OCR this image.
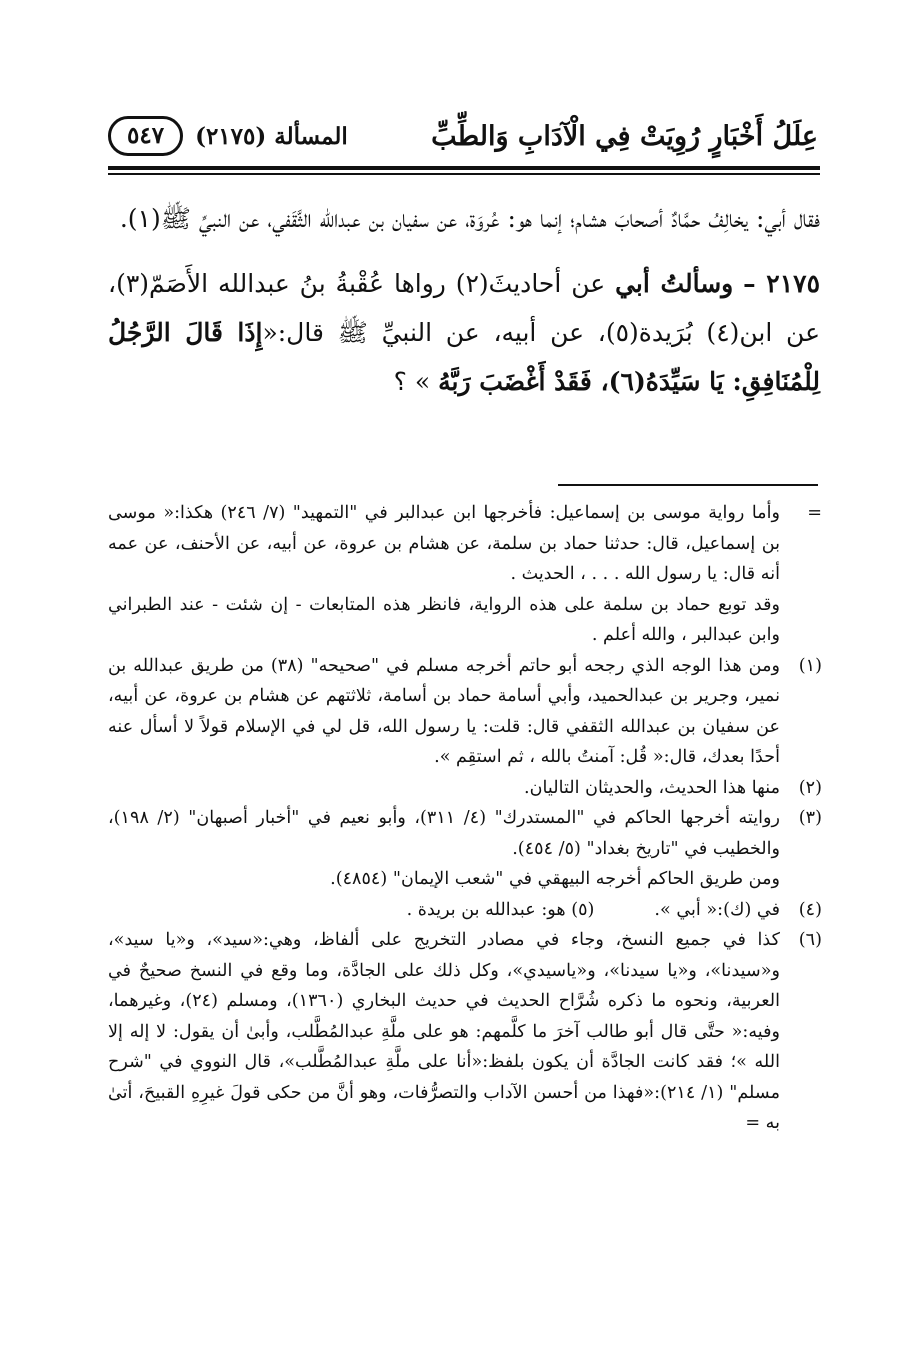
عِلَلُ أَخْبَارٍ رُوِيَتْ فِي الْآدَابِ وَالطِّبِّ
المسألة (٢١٧٥)
٥٤٧

فقال أبي: يخالِفُ حمَّادٌ أصحابَ هشام؛ إنما هو: عُروَة، عن سفيان بن عبدالله الثَّقَفي، عن النبيِّ ﷺ(١).

٢١٧٥ – وسألتُ أبي عن أحاديثَ(٢) رواها عُقْبةُ بنُ عبدالله الأَصَمّ(٣)، عن ابن(٤) بُرَيدة(٥)، عن أبيه، عن النبيِّ ﷺ قال:«إِذَا قَالَ الرَّجُلُ لِلْمُنَافِقِ: يَا سَيِّدَهُ(٦)، فَقَدْ أَغْضَبَ رَبَّهُ » ؟

=

وأما رواية موسى بن إسماعيل: فأخرجها ابن عبدالبر في "التمهيد" (٧/ ٢٤٦) هكذا:« موسى بن إسماعيل، قال: حدثنا حماد بن سلمة، عن هشام بن عروة، عن أبيه، عن الأحنف، عن عمه أنه قال: يا رسول الله . . . ، الحديث .

وقد توبع حماد بن سلمة على هذه الرواية، فانظر هذه المتابعات - إن شئت - عند الطبراني وابن عبدالبر ، والله أعلم .

(١)
ومن هذا الوجه الذي رجحه أبو حاتم أخرجه مسلم في "صحيحه" (٣٨) من طريق عبدالله بن نمير، وجرير بن عبدالحميد، وأبي أسامة حماد بن أسامة، ثلاثتهم عن هشام بن عروة، عن أبيه، عن سفيان بن عبدالله الثقفي قال: قلت: يا رسول الله، قل لي في الإسلام قولاً لا أسأل عنه أحدًا بعدك، قال:« قُل: آمنتُ بالله ، ثم استقِم ».
(٢)
منها هذا الحديث، والحديثان التاليان.
(٣)

روايته أخرجها الحاكم في "المستدرك" (٤/ ٣١١)، وأبو نعيم في "أخبار أصبهان" (٢/ ١٩٨)، والخطيب في "تاريخ بغداد" (٥/ ٤٥٤).

ومن طريق الحاكم أخرجه البيهقي في "شعب الإيمان" (٤٨٥٤).

(٤)
في (ك):« أبي ».
(٥) هو: عبدالله بن بريدة .
(٦)
كذا في جميع النسخ، وجاء في مصادر التخريج على ألفاظ، وهي:«سيد»، و«يا سيد»، و«سيدنا»، و«يا سيدنا»، و«ياسيدي»، وكل ذلك على الجادَّة، وما وقع في النسخ صحيحٌ في العربية، ونحوه ما ذكره شُرَّاح الحديث في حديث البخاري (١٣٦٠)، ومسلم (٢٤)، وغيرهما، وفيه:« حتَّى قال أبو طالب آخرَ ما كلَّمهم: هو على ملَّةِ عبدالمُطَّلب، وأبىٰ أن يقول: لا إله إلا الله »؛ فقد كانت الجادَّة أن يكون بلفظ:«أنا على ملَّةِ عبدالمُطَّلب»، قال النووي في "شرح مسلم" (١/ ٢١٤):«فهذا من أحسن الآداب والتصرُّفات، وهو أنَّ من حكى قولَ غيرِهِ القبيحَ، أتىٰ به =
